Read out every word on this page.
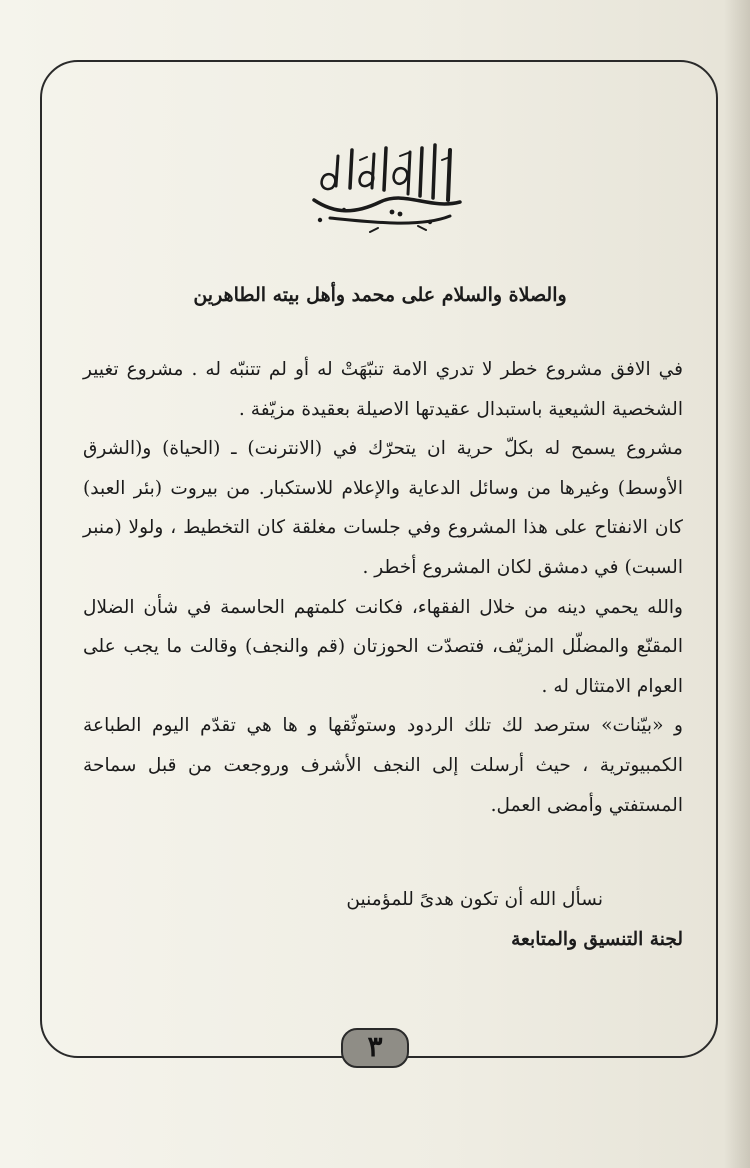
والصلاة والسلام على محمد وأهل بيته الطاهرين

في الافق مشروع خطر لا تدري الامة تنبّهَتْ له أو لم تتنبّه له . مشروع تغيير الشخصية الشيعية باستبدال عقيدتها الاصيلة بعقيدة مزيّفة .

مشروع يسمح له بكلّ حرية ان يتحرّك في (الانترنت) ـ (الحياة) و(الشرق الأوسط) وغيرها من وسائل الدعاية والإعلام للاستكبار. من بيروت (بئر العبد) كان الانفتاح على هذا المشروع وفي جلسات مغلقة كان التخطيط ، ولولا (منبر السبت) في دمشق لكان المشروع أخطر .

والله يحمي دينه من خلال الفقهاء، فكانت كلمتهم الحاسمة في شأن الضلال المقنّع والمضلّل المزيّف، فتصدّت الحوزتان (قم والنجف) وقالت ما يجب على العوام الامتثال له .

و «بيّنات» سترصد لك تلك الردود وستوثّقها و ها هي تقدّم اليوم الطباعة الكمبيوترية ، حيث أرسلت إلى النجف الأشرف وروجعت من قبل سماحة المستفتي وأمضى العمل.

نسأل الله أن تكون هدىً للمؤمنين
لجنة التنسيق والمتابعة
٣
